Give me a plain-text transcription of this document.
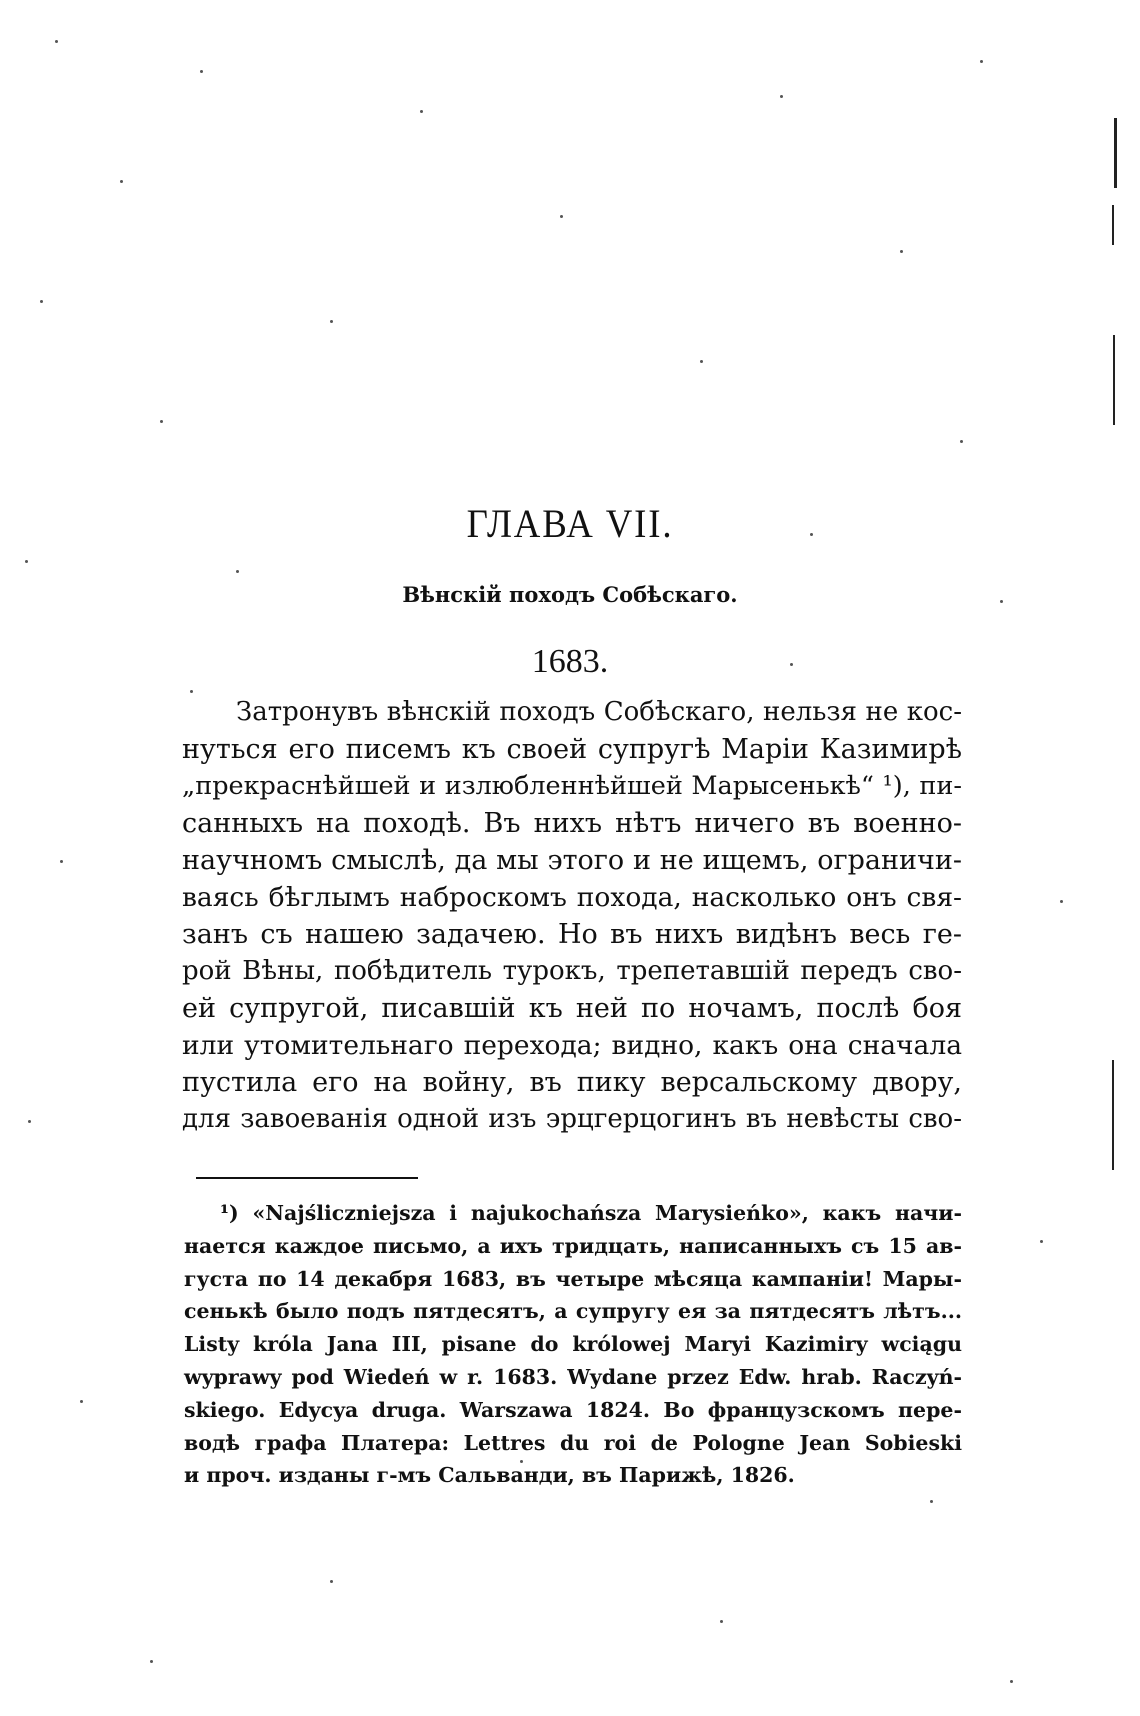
ГЛАВА VII.
Вѣнскій походъ Собѣскаго.
1683.
Затронувъ вѣнскій походъ Собѣскаго, нельзя не кос-
нуться его писемъ къ своей супругѣ Маріи Казимирѣ
„прекраснѣйшей и излюбленнѣйшей Марысенькѣ“ ¹), пи-
санныхъ на походѣ. Въ нихъ нѣтъ ничего въ военно-
научномъ смыслѣ, да мы этого и не ищемъ, ограничи-
ваясь бѣглымъ наброскомъ похода, насколько онъ свя-
занъ съ нашею задачею. Но въ нихъ видѣнъ весь ге-
рой Вѣны, побѣдитель турокъ, трепетавшій передъ сво-
ей супругой, писавшій къ ней по ночамъ, послѣ боя
или утомительнаго перехода; видно, какъ она сначала
пустила его на войну, въ пику версальскому двору,
для завоеванія одной изъ эрцгерцогинъ въ невѣсты сво-
¹) «Najśliczniejsza i najukochańsza Marysieńko», какъ начи-
нается каждое письмо, а ихъ тридцать, написанныхъ съ 15 ав-
густа по 14 декабря 1683, въ четыре мѣсяца кампаніи! Мары-
сенькѣ было подъ пятдесятъ, а супругу ея за пятдесятъ лѣтъ...
Listy króla Jana III, pisane do królowej Maryi Kazimiry wciągu
wyprawy pod Wiedeń w r. 1683. Wydane przez Edw. hrab. Raczyń-
skiego. Edycya druga. Warszawa 1824. Во французскомъ пере-
водѣ графа Платера: Lettres du roi de Pologne Jean Sobieski
и проч. изданы г-мъ Сальванди, въ Парижѣ, 1826.
